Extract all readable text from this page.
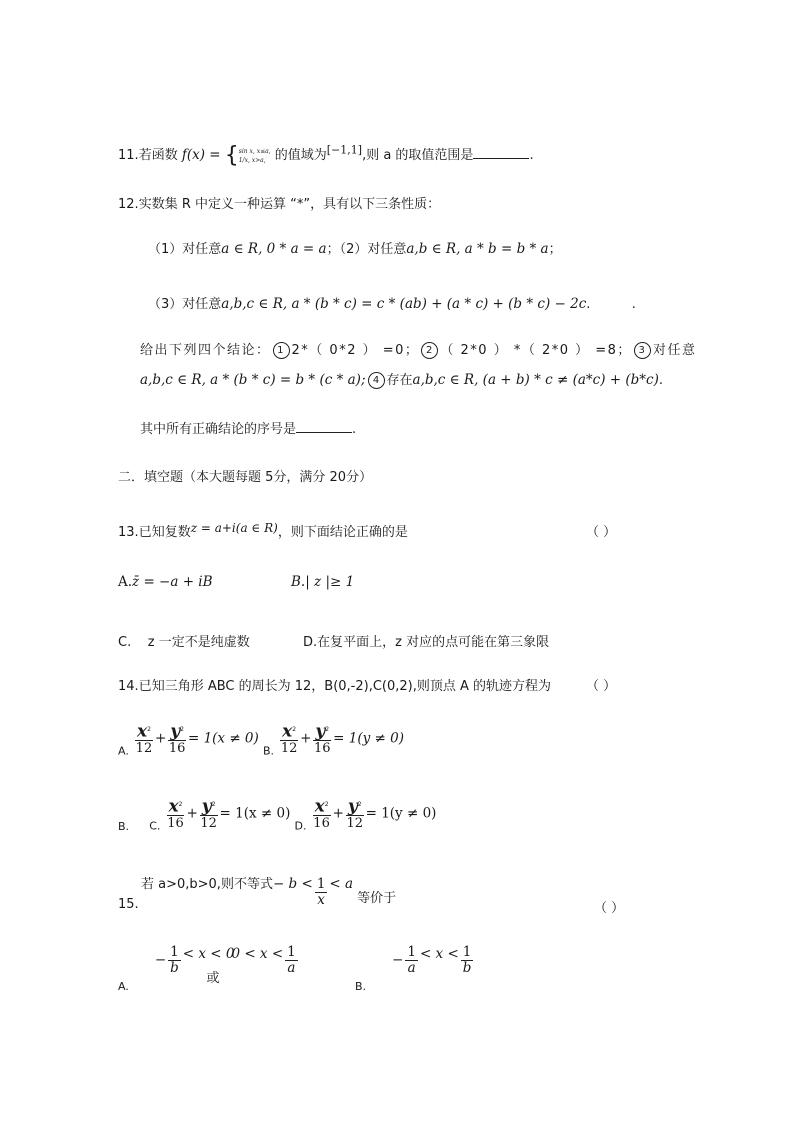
11.若函数 f(x) = { sin x, x≤a,
1/x, x>a, 的值域为[−1,1],则 a 的取值范围是	.
12.实数集 R 中定义一种运算 “*”，具有以下三条性质：
（1）对任意a ∈ R, 0 * a = a；（2）对任意a,b ∈ R, a * b = b * a；
（3）对任意a,b,c ∈ R, a * (b * c) = c * (ab) + (a * c) + (b * c) − 2c.          .
给出下列四个结论： 1 2*（ 0*2 ） =0； 2 （ 2*0 ） *（ 2*0 ） =8； 3 对任意
a,b,c ∈ R, a * (b * c) = b * (c * a); 4 存在a,b,c ∈ R, (a + b) * c ≠ (a*c) + (b*c).
其中所有正确结论的序号是	.
二．填空题（本大题每题 5分，满分 20分）
13.已知复数z = a+i(a ∈ R)，则下面结论正确的是	（ ）
A.z̄ = −a + iB	B.| z |≥ 1
C.    z 一定不是纯虚数	D.在复平面上，z 对应的点可能在第三象限
14.已知三角形 ABC 的周长为 12，B(0,-2),C(0,2),则顶点 A 的轨迹方程为	（ ）
$_{A.} \frac{x^2}{12} + \frac{y^2}{16} = 1(x \ne 0)$ $_{B.} \frac{x^2}{12} + \frac{y^2}{16} = 1(y \ne 0)$
$_{B.}$ $_{C.} \frac{x^2}{16} + \frac{y^2}{12} = 1(x \ne 0)$ $_{D.} \frac{x^2}{16} + \frac{y^2}{12} = 1(y \ne 0)$
15.
若 a>0,b>0,则不等式− $b < \frac{1}{x} < a$等价于
（ ）
$_{A.}- \frac{1}{b} < x < 0$或$0 < x < \frac{1}{a}$
$_{B.}- \frac{1}{a} < x < \frac{1}{b}$
